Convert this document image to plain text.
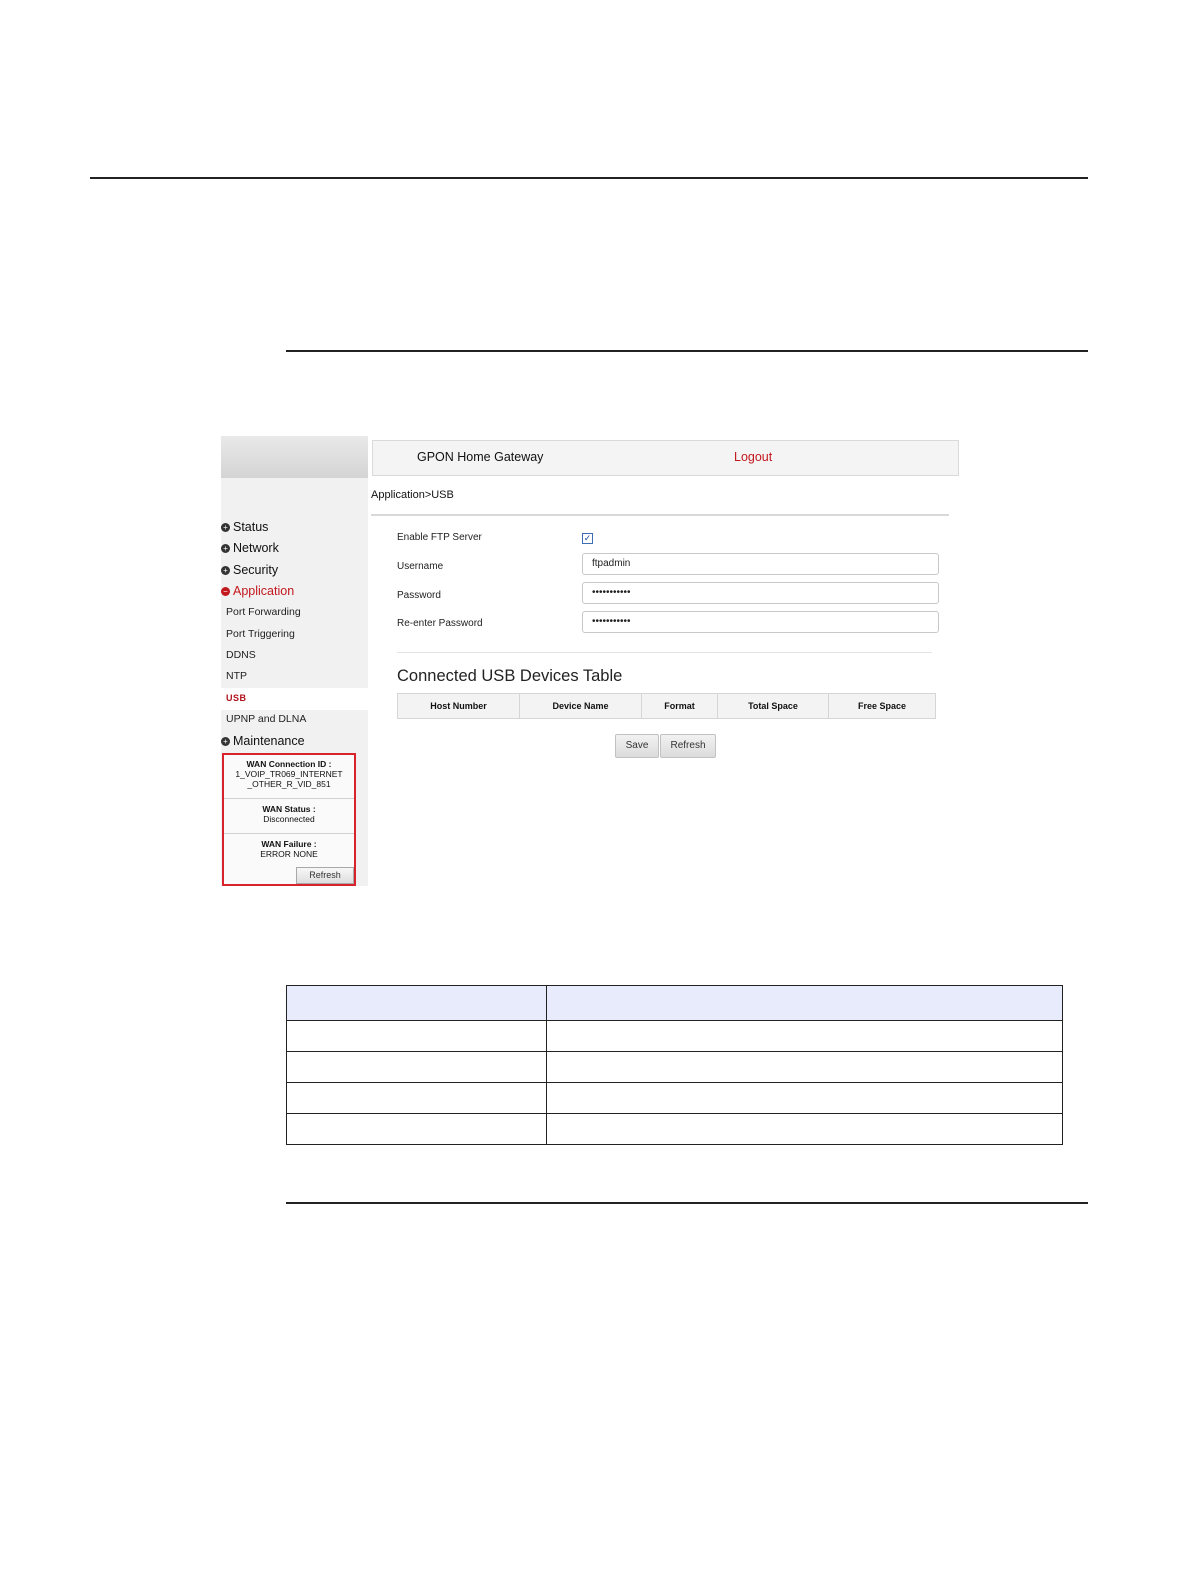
+ Status
+ Network
+ Security
− Application
Port Forwarding
Port Triggering
DDNS
NTP
USB
UPNP and DLNA
+ Maintenance
WAN Connection ID :
1_VOIP_TR069_INTERNET
_OTHER_R_VID_851
WAN Status :
Disconnected
WAN Failure :
ERROR NONE
Refresh
GPON Home Gateway	Logout
Application>USB
Enable FTP Server	✓
Username	ftpadmin
Password	•••••••••••
Re-enter Password	•••••••••••
Connected USB Devices Table
Host Number	Device Name	Format	Total Space	Free Space
Save	Refresh
